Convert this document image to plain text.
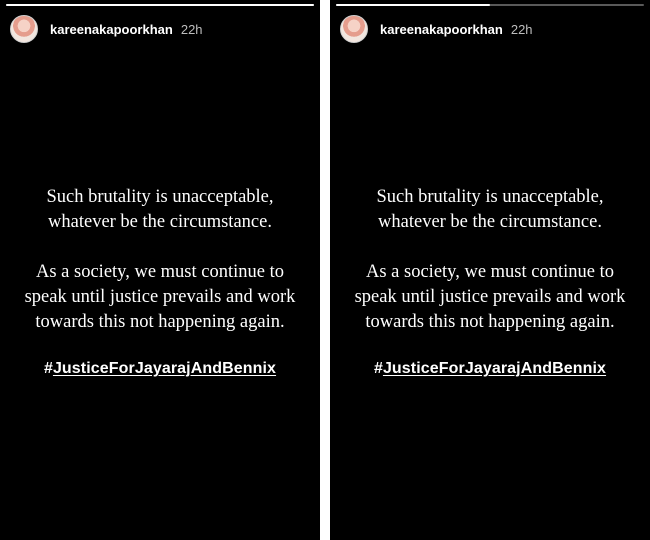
kareenakapoorkhan 22h
Such brutality is unacceptable,
whatever be the circumstance.
As a society, we must continue to
speak until justice prevails and work
towards this not happening again.
#JusticeForJayarajAndBennix
kareenakapoorkhan 22h
Such brutality is unacceptable,
whatever be the circumstance.
As a society, we must continue to
speak until justice prevails and work
towards this not happening again.
#JusticeForJayarajAndBennix
